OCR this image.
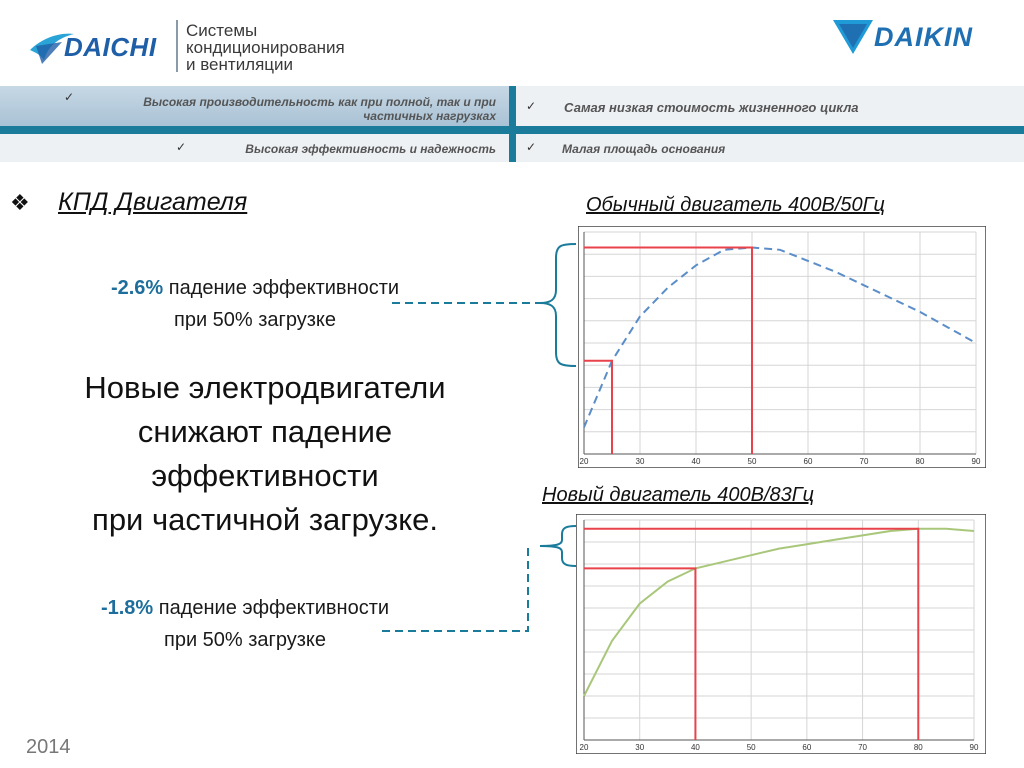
DAICHI
Системы
кондиционирования
и вентиляции
DAIKIN
✓	Высокая производительность как при полной, так и при частичных нагрузках
✓ Самая низкая стоимость жизненного цикла
✓	Высокая эффективность и надежность	✓ Малая площадь основания
❖ КПД Двигателя
-2.6% падение эффективности
при 50% загрузке
Новые электродвигатели
снижают падение
эффективности
при частичной загрузке.
-1.8% падение эффективности
при 50% загрузке
2014
Обычный двигатель 400В/50Гц
Новый двигатель 400В/83Гц
20	30	40	50	60	70	80	90
20	30	40	50	60	70	80	90
